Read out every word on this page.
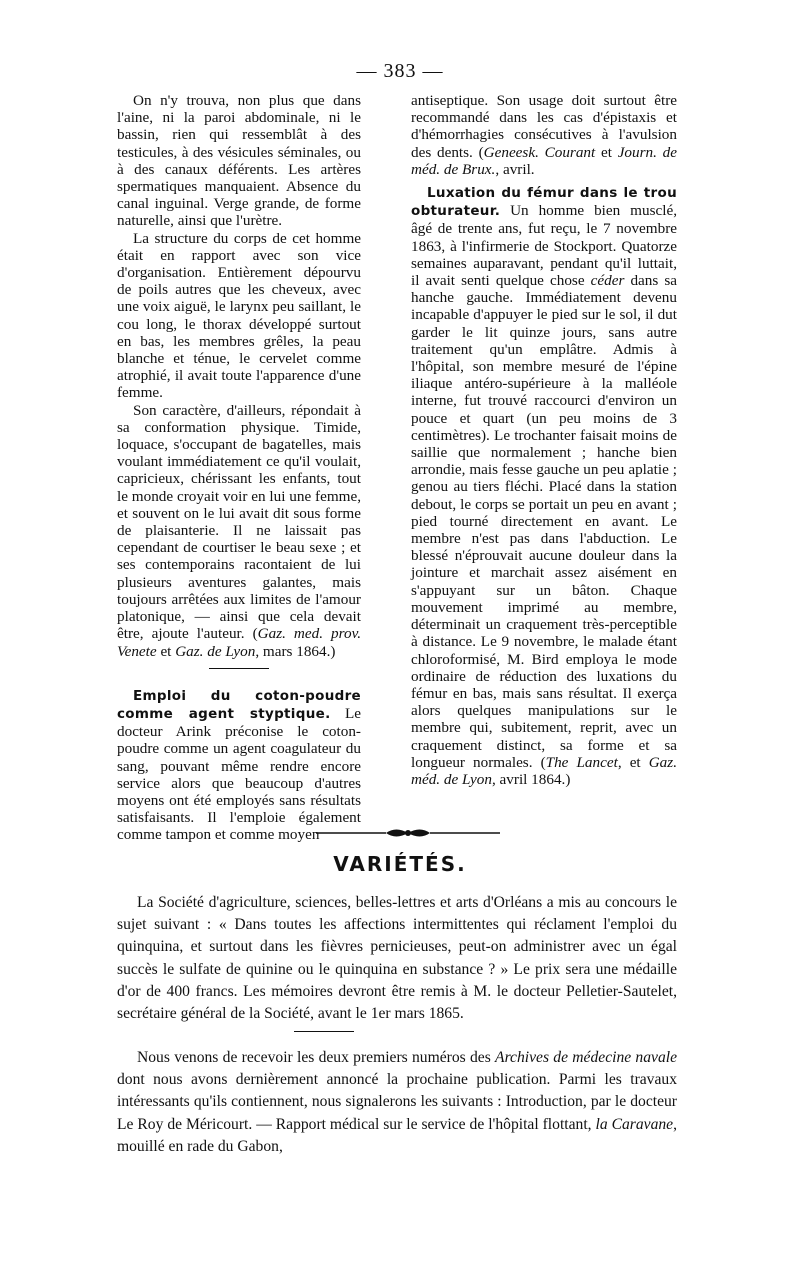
— 383 —

On n'y trouva, non plus que dans l'aine, ni la paroi abdominale, ni le bassin, rien qui ressemblât à des testicules, à des vésicules séminales, ou à des canaux déférents. Les artères spermatiques manquaient. Absence du canal inguinal. Verge grande, de forme naturelle, ainsi que l'urètre.

La structure du corps de cet homme était en rapport avec son vice d'organisation. Entièrement dépourvu de poils autres que les cheveux, avec une voix aiguë, le larynx peu saillant, le cou long, le thorax développé surtout en bas, les membres grêles, la peau blanche et ténue, le cervelet comme atrophié, il avait toute l'apparence d'une femme.

Son caractère, d'ailleurs, répondait à sa conformation physique. Timide, loquace, s'occupant de bagatelles, mais voulant immédiatement ce qu'il voulait, capricieux, chérissant les enfants, tout le monde croyait voir en lui une femme, et souvent on le lui avait dit sous forme de plaisanterie. Il ne laissait pas cependant de courtiser le beau sexe ; et ses contemporains racontaient de lui plusieurs aventures galantes, mais toujours arrêtées aux limites de l'amour platonique, — ainsi que cela devait être, ajoute l'auteur. (Gaz. med. prov. Venete et Gaz. de Lyon, mars 1864.)

Emploi du coton-poudre comme agent styptique. Le docteur Arink préconise le coton-poudre comme un agent coagulateur du sang, pouvant même rendre encore service alors que beaucoup d'autres moyens ont été employés sans résultats satisfaisants. Il l'emploie également comme tampon et comme moyen

antiseptique. Son usage doit surtout être recommandé dans les cas d'épistaxis et d'hémorrhagies consécutives à l'avulsion des dents. (Geneesk. Courant et Journ. de méd. de Brux., avril.

Luxation du fémur dans le trou obturateur. Un homme bien musclé, âgé de trente ans, fut reçu, le 7 novembre 1863, à l'infirmerie de Stockport. Quatorze semaines auparavant, pendant qu'il luttait, il avait senti quelque chose céder dans sa hanche gauche. Immédiatement devenu incapable d'appuyer le pied sur le sol, il dut garder le lit quinze jours, sans autre traitement qu'un emplâtre. Admis à l'hôpital, son membre mesuré de l'épine iliaque antéro-supérieure à la malléole interne, fut trouvé raccourci d'environ un pouce et quart (un peu moins de 3 centimètres). Le trochanter faisait moins de saillie que normalement ; hanche bien arrondie, mais fesse gauche un peu aplatie ; genou au tiers fléchi. Placé dans la station debout, le corps se portait un peu en avant ; pied tourné directement en avant. Le membre n'est pas dans l'abduction. Le blessé n'éprouvait aucune douleur dans la jointure et marchait assez aisément en s'appuyant sur un bâton. Chaque mouvement imprimé au membre, déterminait un craquement très-perceptible à distance. Le 9 novembre, le malade étant chloroformisé, M. Bird employa le mode ordinaire de réduction des luxations du fémur en bas, mais sans résultat. Il exerça alors quelques manipulations sur le membre qui, subitement, reprit, avec un craquement distinct, sa forme et sa longueur normales. (The Lancet, et Gaz. méd. de Lyon, avril 1864.)

VARIÉTÉS.

La Société d'agriculture, sciences, belles-lettres et arts d'Orléans a mis au concours le sujet suivant : « Dans toutes les affections intermittentes qui réclament l'emploi du quinquina, et surtout dans les fièvres pernicieuses, peut-on administrer avec un égal succès le sulfate de quinine ou le quinquina en substance ? » Le prix sera une médaille d'or de 400 francs. Les mémoires devront être remis à M. le docteur Pelletier-Sautelet, secrétaire général de la Société, avant le 1er mars 1865.

Nous venons de recevoir les deux premiers numéros des Archives de médecine navale dont nous avons dernièrement annoncé la prochaine publication. Parmi les travaux intéressants qu'ils contiennent, nous signalerons les suivants : Introduction, par le docteur Le Roy de Méricourt. — Rapport médical sur le service de l'hôpital flottant, la Caravane, mouillé en rade du Gabon,
